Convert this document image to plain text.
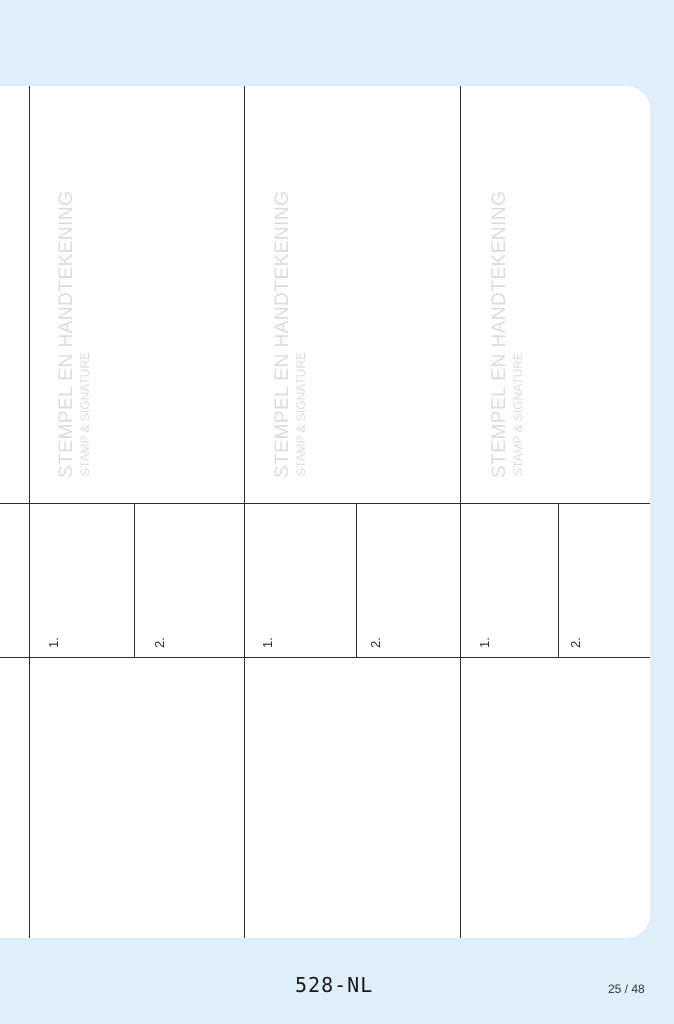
STEMPEL EN HANDTEKENING STAMP & SIGNATURE	STEMPEL EN HANDTEKENING STAMP & SIGNATURE	STEMPEL EN HANDTEKENING STAMP & SIGNATURE
1.	2.	1.	2.	1.	2.
528-NL	25 / 48
